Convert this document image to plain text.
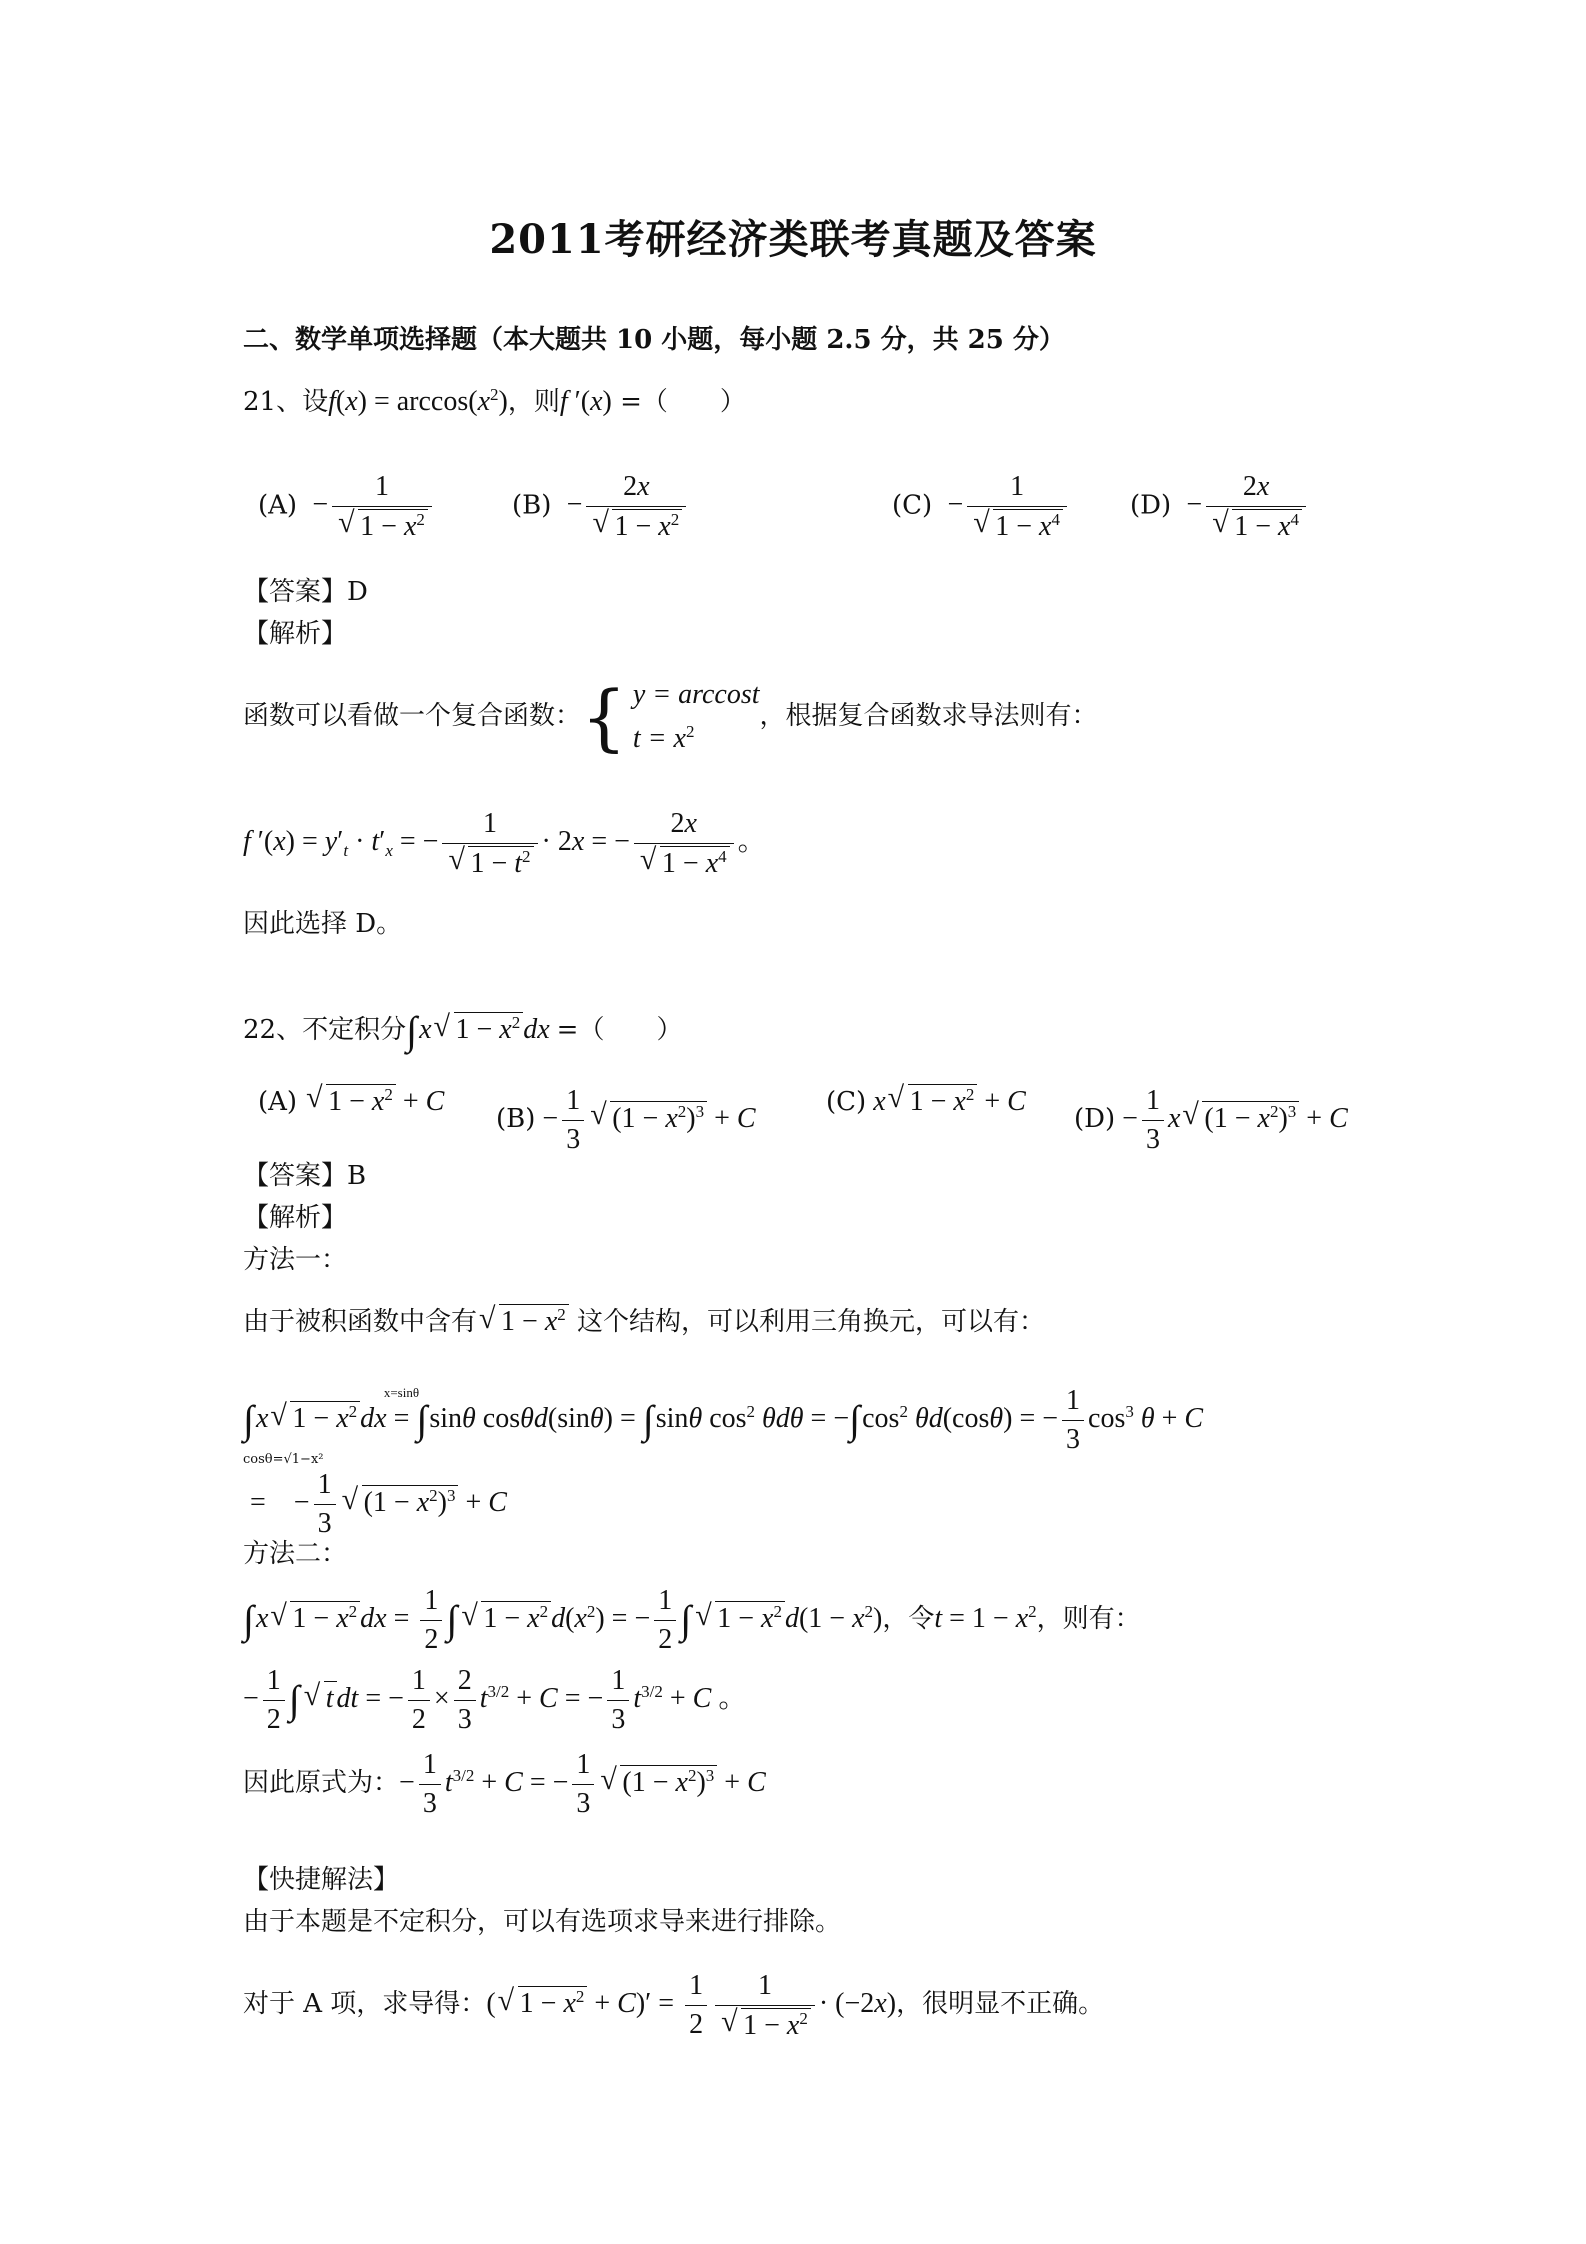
2011考研经济类联考真题及答案
二、数学单项选择题（本大题共 10 小题，每小题 2.5 分，共 25 分）
21、设$f(x) = \arccos(x^2)$，则f ′(x) =（　　）
(A)  − 1
√ $1 - x^2$	(B)  − 2x
√ $1 - x^2$	(C)  − 1
√ $1 - x^4$ (D)  − 2x
√ $1 - x^4$
【答案】D
【解析】
函数可以看做一个复合函数：{ y = arccost
$t = x^2$
，根据复合函数求导法则有：
f $'(x) = y'_t \cdot t'_x$ = − 1
√ $1 - t^2 \cdot 2x$ = − 2x
√ $1 - x^4$ 。
因此选择 D。
22、不定积分∫x√ $1 - x^2$ dx =（　　）
(A) √ $1 - x^2 + C$
$(B) - \frac{1}{3}$
√ $(1 - x^2)^3 + C$
(C) x√ $1 - x^2 + C$
$(D) - \frac{1}{3} x√$ $(1 - x^2)^3 + C$
【答案】B
【解析】
方法一：
由于被积函数中含有√ $1 - x^2$ 这个结构，可以利用三角换元，可以有：
∫x√ $1 - x^2$ dx
x=sinθ
= ∫sinθ cosθd(sinθ) = ∫sinθ $\cos^2 \theta d\theta = -\int\cos^2$ θd(cosθ) = − $\frac{1}{3} \cos^3 \theta + C$
cosθ=√1−x²
=    − $\frac{1}{3}$
√ $(1 - x^2)^3 + C$
方法二：
∫x√ $1 - x^2$ dx = $\frac{1}{2}$ ∫√ $1 - x^2$ $d(x^2)$ = − $\frac{1}{2}$ ∫√ $1 - x^2$ $d(1 - x^2)$，令$t = 1 - x^2$，则有：
− $\frac{1}{2}$ ∫√ t dt = − $\frac{1}{2} \times \frac{2}{3} t^{3/2} + C$ = − $\frac{1}{3} t^{3/2} + C$ 。
因此原式为：− $\frac{1}{3} t^{3/2} + C$ = − $\frac{1}{3}$
√ $(1 - x^2)^3 + C$
【快捷解法】
由于本题是不定积分，可以有选项求导来进行排除。
对于 A 项，求导得：(√ $1 - x^2 + C)' = \frac{1}{2} 1$
√ $1 - x^2 \cdot (-2x)$，很明显不正确。
